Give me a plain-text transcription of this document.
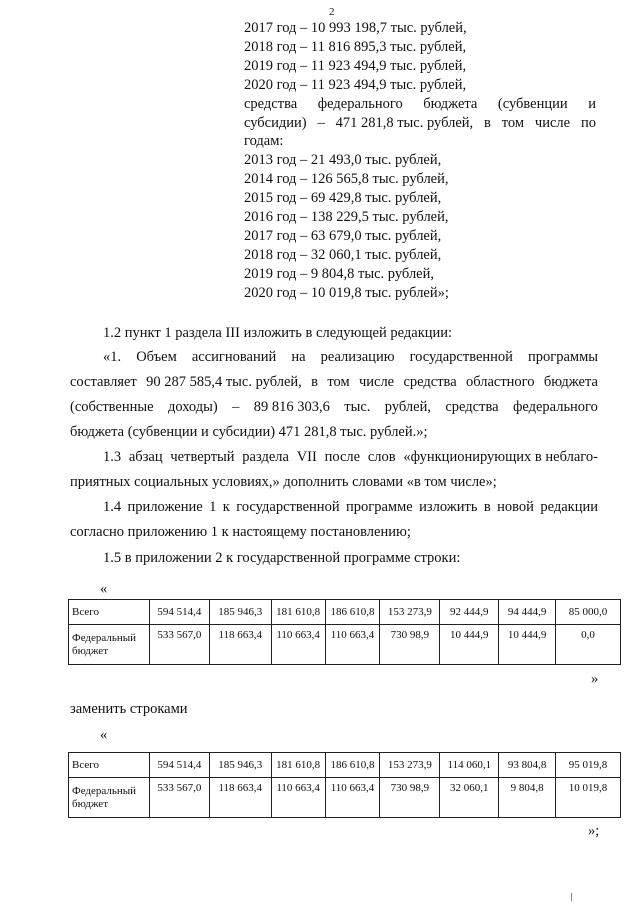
2
2017 год – 10 993 198,7 тыс. рублей,
2018 год – 11 816 895,3 тыс. рублей,
2019 год – 11 923 494,9 тыс. рублей,
2020 год – 11 923 494,9 тыс. рублей,
средства федерального бюджета (субвенции и
субсидии) – 471 281,8 тыс. рублей, в том числе по
годам:
2013 год – 21 493,0 тыс. рублей,
2014 год – 126 565,8 тыс. рублей,
2015 год – 69 429,8 тыс. рублей,
2016 год – 138 229,5 тыс. рублей,
2017 год – 63 679,0 тыс. рублей,
2018 год – 32 060,1 тыс. рублей,
2019 год – 9 804,8 тыс. рублей,
2020 год – 10 019,8 тыс. рублей»;
1.2 пункт 1 раздела III изложить в следующей редакции:
«1. Объем ассигнований на реализацию государственной программы
составляет 90 287 585,4 тыс. рублей, в том числе средства областного бюджета
(собственные доходы) – 89 816 303,6 тыс. рублей, средства федерального
бюджета (субвенции и субсидии) 471 281,8 тыс. рублей.»;
1.3 абзац четвертый раздела VII после слов «функционирующих в неблаго-
приятных социальных условиях,» дополнить словами «в том числе»;
1.4 приложение 1 к государственной программе изложить в новой редакции
согласно приложению 1 к настоящему постановлению;
1.5 в приложении 2 к государственной программе строки:
«
Всего	594 514,4	185 946,3	181 610,8	186 610,8	153 273,9	92 444,9	94 444,9	85 000,0
Федеральный бюджет	533 567,0	118 663,4	110 663,4	110 663,4	730 98,9	10 444,9	10 444,9	0,0
»
заменить строками
«
Всего	594 514,4	185 946,3	181 610,8	186 610,8	153 273,9	114 060,1	93 804,8	95 019,8
Федеральный бюджет	533 567,0	118 663,4	110 663,4	110 663,4	730 98,9	32 060,1	9 804,8	10 019,8
»;
